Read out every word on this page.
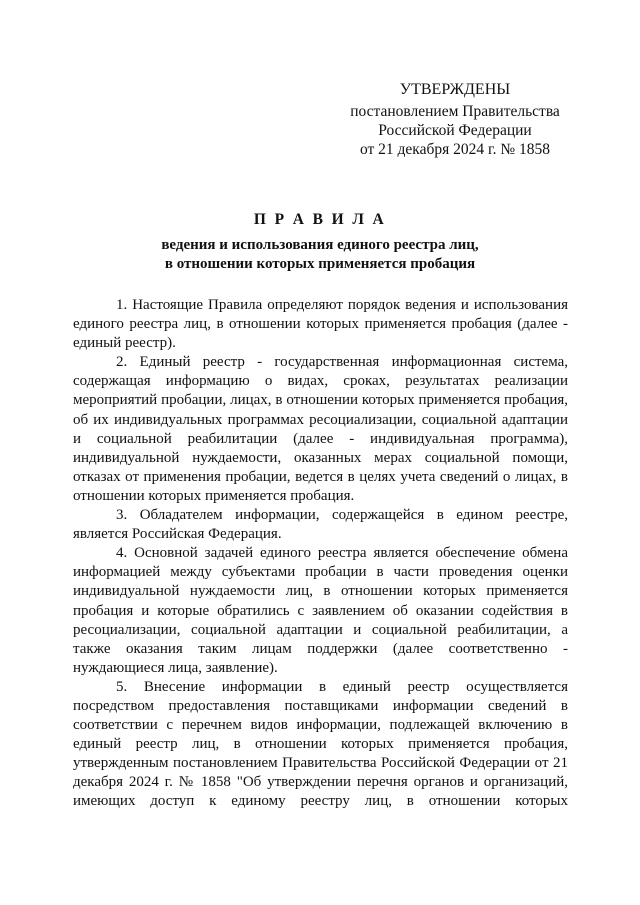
УТВЕРЖДЕНЫ
постановлением Правительства
Российской Федерации
от 21 декабря 2024 г. № 1858
П Р А В И Л А
ведения и использования единого реестра лиц,
в отношении которых применяется пробация

1. Настоящие Правила определяют порядок ведения и использования единого реестра лиц, в отношении которых применяется пробация (далее - единый реестр).

2. Единый реестр - государственная информационная система, содержащая информацию о видах, сроках, результатах реализации мероприятий пробации, лицах, в отношении которых применяется пробация, об их индивидуальных программах ресоциализации, социальной адаптации и социальной реабилитации (далее - индивидуальная программа), индивидуальной нуждаемости, оказанных мерах социальной помощи, отказах от применения пробации, ведется в целях учета сведений о лицах, в отношении которых применяется пробация.

3. Обладателем информации, содержащейся в едином реестре, является Российская Федерация.

4. Основной задачей единого реестра является обеспечение обмена информацией между субъектами пробации в части проведения оценки индивидуальной нуждаемости лиц, в отношении которых применяется пробация и которые обратились с заявлением об оказании содействия в ресоциализации, социальной адаптации и социальной реабилитации, а также оказания таким лицам поддержки (далее соответственно - нуждающиеся лица, заявление).

5. Внесение информации в единый реестр осуществляется посредством предоставления поставщиками информации сведений в соответствии с перечнем видов информации, подлежащей включению в единый реестр лиц, в отношении которых применяется пробация, утвержденным постановлением Правительства Российской Федерации от 21 декабря 2024 г. № 1858 "Об утверждении перечня органов и организаций, имеющих доступ к единому реестру лиц, в отношении которых
